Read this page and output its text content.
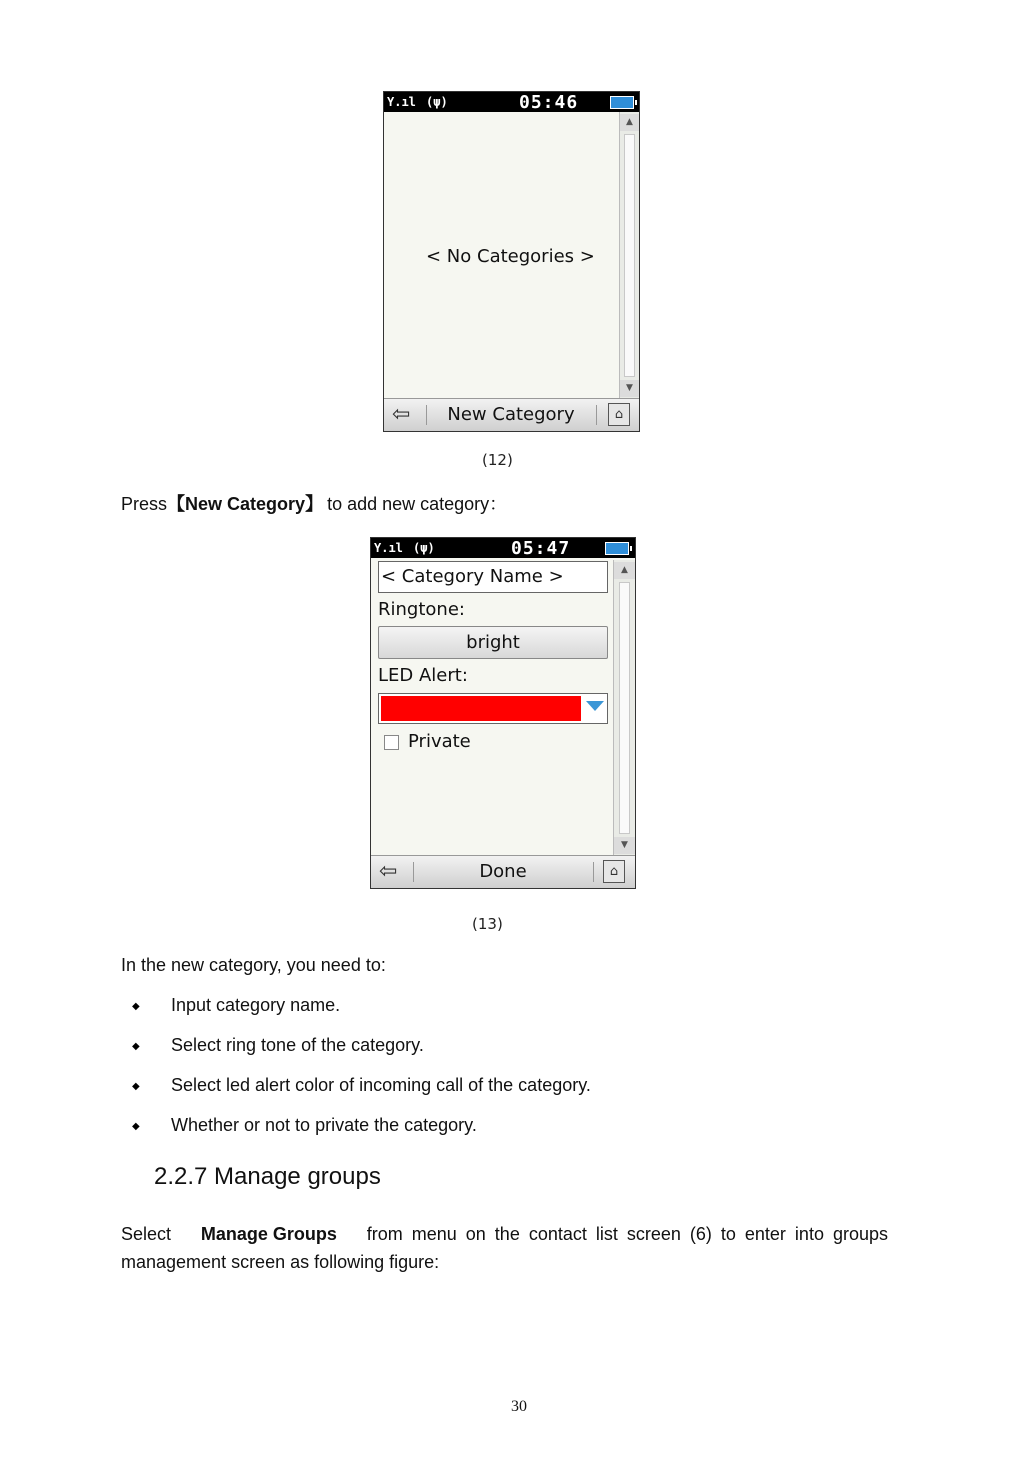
Y.ıl (ψ)	05:46
▲
▼
< No Categories >
⇦	New Category	⌂
(12)
Press【New Category】 to add new category：
Y.ıl (ψ)	05:47
▲
▼
< Category Name >
Ringtone:
bright
LED Alert:
Private
⇦	Done	⌂
(13)
In the new category, you need to:
◆ Input category name.
◆ Select ring tone of the category.
◆ Select led alert color of incoming call of the category.
◆ Whether or not to private the category.
2.2.7 Manage groups
Select Manage Groups from menu on the contact list screen (6) to enter into groups
management screen as following figure:
30
